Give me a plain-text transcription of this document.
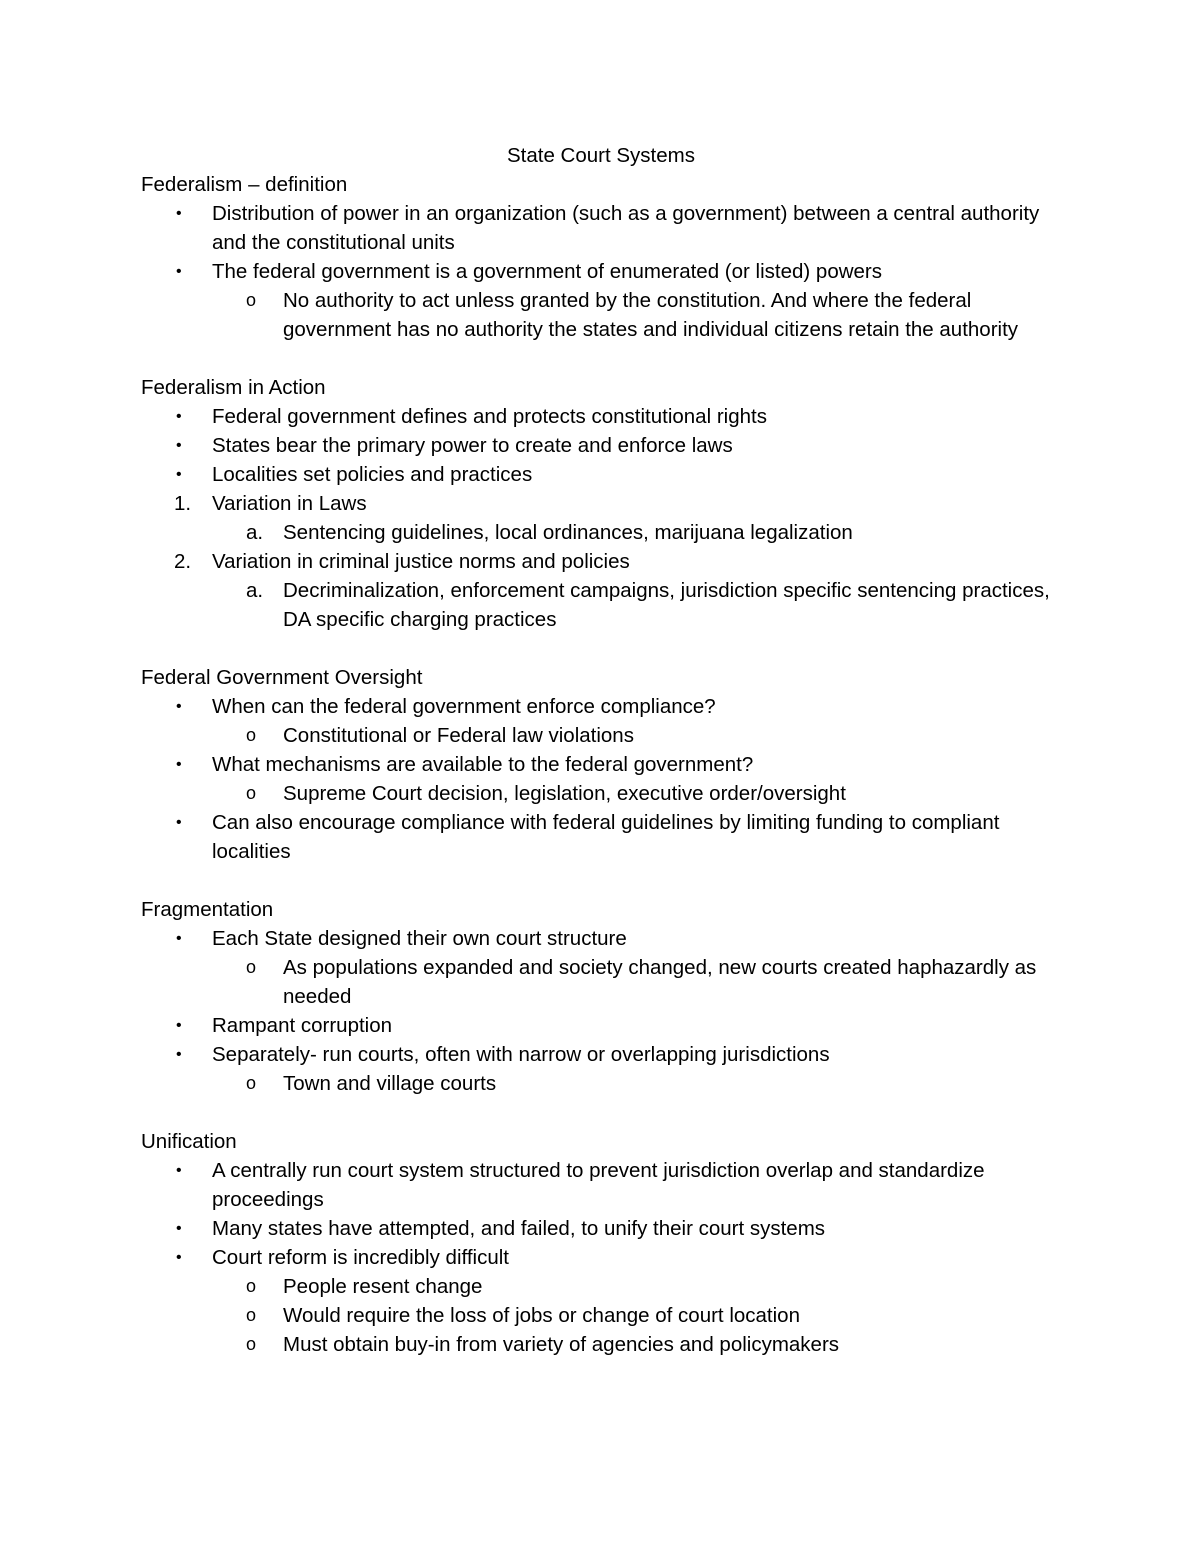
State Court Systems
Federalism – definition
• Distribution of power in an organization (such as a government) between a central authority and the constitutional units
• The federal government is a government of enumerated (or listed) powers
o No authority to act unless granted by the constitution. And where the federal government has no authority the states and individual citizens retain the authority
Federalism in Action
• Federal government defines and protects constitutional rights
• States bear the primary power to create and enforce laws
• Localities set policies and practices
1. Variation in Laws
a. Sentencing guidelines, local ordinances, marijuana legalization
2. Variation in criminal justice norms and policies
a. Decriminalization, enforcement campaigns, jurisdiction specific sentencing practices, DA specific charging practices
Federal Government Oversight
• When can the federal government enforce compliance?
o Constitutional or Federal law violations
• What mechanisms are available to the federal government?
o Supreme Court decision, legislation, executive order/oversight
• Can also encourage compliance with federal guidelines by limiting funding to compliant localities
Fragmentation
• Each State designed their own court structure
o As populations expanded and society changed, new courts created haphazardly as needed
• Rampant corruption
• Separately- run courts, often with narrow or overlapping jurisdictions
o Town and village courts
Unification
• A centrally run court system structured to prevent jurisdiction overlap and standardize proceedings
• Many states have attempted, and failed, to unify their court systems
• Court reform is incredibly difficult
o People resent change
o Would require the loss of jobs or change of court location
o Must obtain buy-in from variety of agencies and policymakers
